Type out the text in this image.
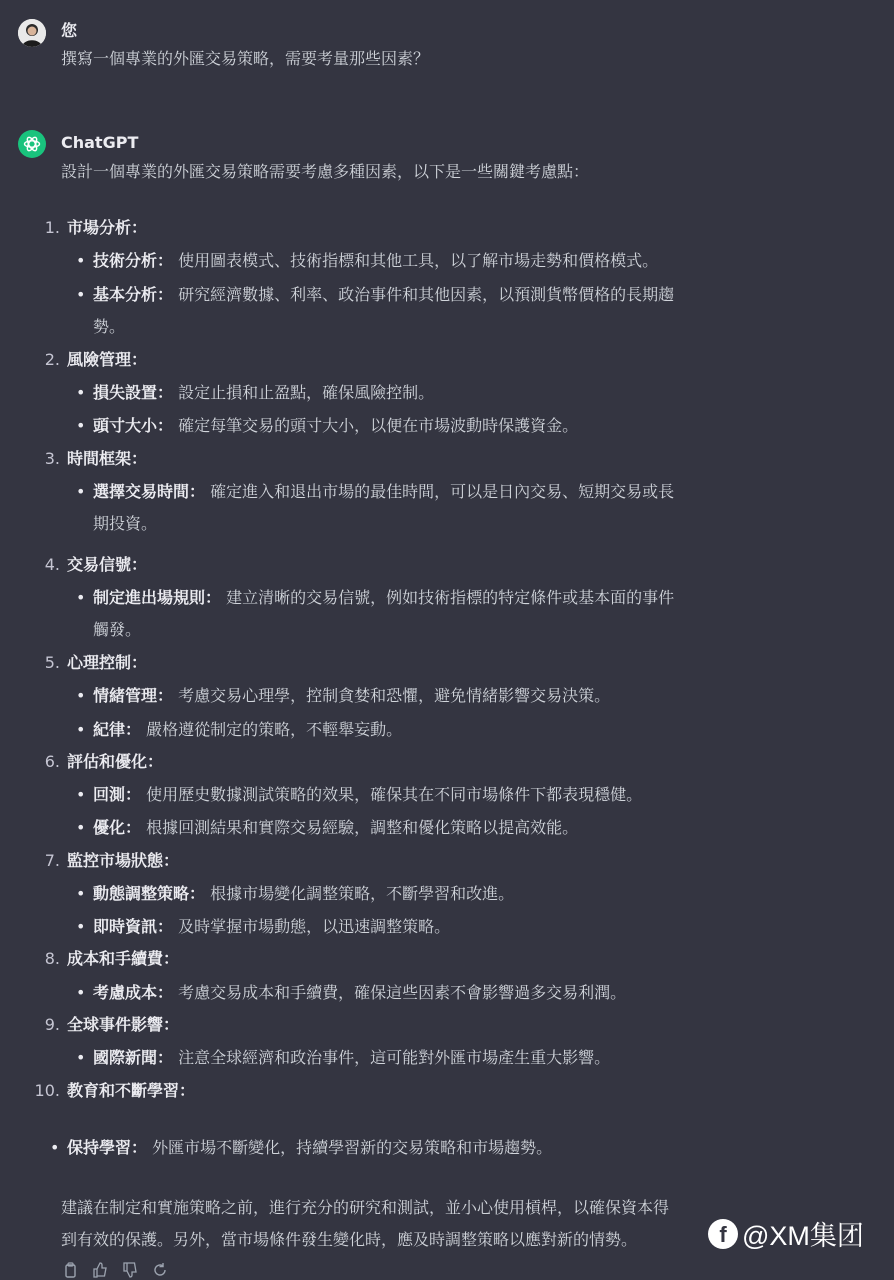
您
撰寫一個專業的外匯交易策略，需要考量那些因素？
ChatGPT
設計一個專業的外匯交易策略需要考慮多種因素，以下是一些關鍵考慮點：
1. 市場分析：
• 技術分析： 使用圖表模式、技術指標和其他工具，以了解市場走勢和價格模式。
• 基本分析： 研究經濟數據、利率、政治事件和其他因素，以預測貨幣價格的長期趨
勢。
2. 風險管理：
• 損失設置： 設定止損和止盈點，確保風險控制。
• 頭寸大小： 確定每筆交易的頭寸大小，以便在市場波動時保護資金。
3. 時間框架：
• 選擇交易時間： 確定進入和退出市場的最佳時間，可以是日內交易、短期交易或長
期投資。
4. 交易信號：
• 制定進出場規則： 建立清晰的交易信號，例如技術指標的特定條件或基本面的事件
觸發。
5. 心理控制：
• 情緒管理： 考慮交易心理學，控制貪婪和恐懼，避免情緒影響交易決策。
• 紀律： 嚴格遵從制定的策略，不輕舉妄動。
6. 評估和優化：
• 回測： 使用歷史數據測試策略的效果，確保其在不同市場條件下都表現穩健。
• 優化： 根據回測結果和實際交易經驗，調整和優化策略以提高效能。
7. 監控市場狀態：
• 動態調整策略： 根據市場變化調整策略，不斷學習和改進。
• 即時資訊： 及時掌握市場動態，以迅速調整策略。
8. 成本和手續費：
• 考慮成本： 考慮交易成本和手續費，確保這些因素不會影響過多交易利潤。
9. 全球事件影響：
• 國際新聞： 注意全球經濟和政治事件，這可能對外匯市場產生重大影響。
10. 教育和不斷學習：
• 保持學習： 外匯市場不斷變化，持續學習新的交易策略和市場趨勢。
建議在制定和實施策略之前，進行充分的研究和測試，並小心使用槓桿，以確保資本得
到有效的保護。另外，當市場條件發生變化時，應及時調整策略以應對新的情勢。	f @XM集团
